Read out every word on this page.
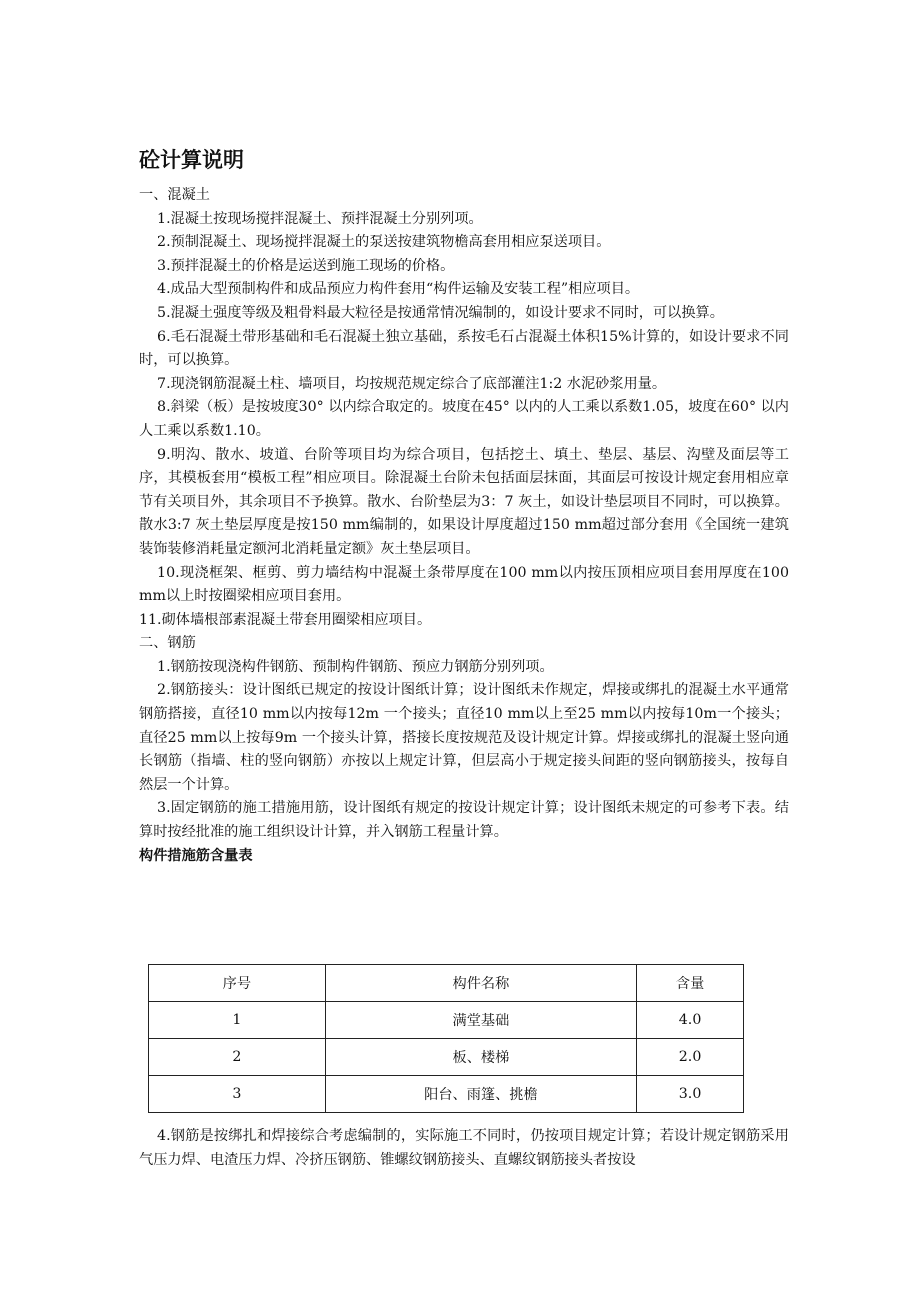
砼计算说明

一、混凝土

1.混凝土按现场搅拌混凝土、预拌混凝土分别列项。

2.预制混凝土、现场搅拌混凝土的泵送按建筑物檐高套用相应泵送项目。

3.预拌混凝土的价格是运送到施工现场的价格。

4.成品大型预制构件和成品预应力构件套用“构件运输及安装工程”相应项目。

5.混凝土强度等级及粗骨料最大粒径是按通常情况编制的，如设计要求不同时，可以换算。

6.毛石混凝土带形基础和毛石混凝土独立基础，系按毛石占混凝土体积15%计算的，如设计要求不同时，可以换算。

7.现浇钢筋混凝土柱、墙项目，均按规范规定综合了底部灌注1:2 水泥砂浆用量。

8.斜梁（板）是按坡度30° 以内综合取定的。坡度在45° 以内的人工乘以系数1.05，坡度在60° 以内人工乘以系数1.10。

9.明沟、散水、坡道、台阶等项目均为综合项目，包括挖土、填土、垫层、基层、沟壁及面层等工序，其模板套用“模板工程”相应项目。除混凝土台阶未包括面层抹面，其面层可按设计规定套用相应章节有关项目外，其余项目不予换算。散水、台阶垫层为3：7 灰土，如设计垫层项目不同时，可以换算。散水3:7 灰土垫层厚度是按150 mm编制的，如果设计厚度超过150 mm超过部分套用《全国统一建筑装饰装修消耗量定额河北消耗量定额》灰土垫层项目。

10.现浇框架、框剪、剪力墙结构中混凝土条带厚度在100 mm以内按压顶相应项目套用厚度在100 mm以上时按圈梁相应项目套用。

11.砌体墙根部素混凝土带套用圈梁相应项目。

二、钢筋

1.钢筋按现浇构件钢筋、预制构件钢筋、预应力钢筋分别列项。

2.钢筋接头：设计图纸已规定的按设计图纸计算；设计图纸未作规定，焊接或绑扎的混凝土水平通常钢筋搭接，直径10 mm以内按每12m 一个接头；直径10 mm以上至25 mm以内按每10m一个接头；直径25 mm以上按每9m 一个接头计算，搭接长度按规范及设计规定计算。焊接或绑扎的混凝土竖向通长钢筋（指墙、柱的竖向钢筋）亦按以上规定计算，但层高小于规定接头间距的竖向钢筋接头，按每自然层一个计算。

3.固定钢筋的施工措施用筋，设计图纸有规定的按设计规定计算；设计图纸未规定的可参考下表。结算时按经批准的施工组织设计计算，并入钢筋工程量计算。

构件措施筋含量表

序号	构件名称	含量
1	满堂基础	4.0
2	板、楼梯	2.0
3	阳台、雨篷、挑檐	3.0

4.钢筋是按绑扎和焊接综合考虑编制的，实际施工不同时，仍按项目规定计算；若设计规定钢筋采用气压力焊、电渣压力焊、冷挤压钢筋、锥螺纹钢筋接头、直螺纹钢筋接头者按设
